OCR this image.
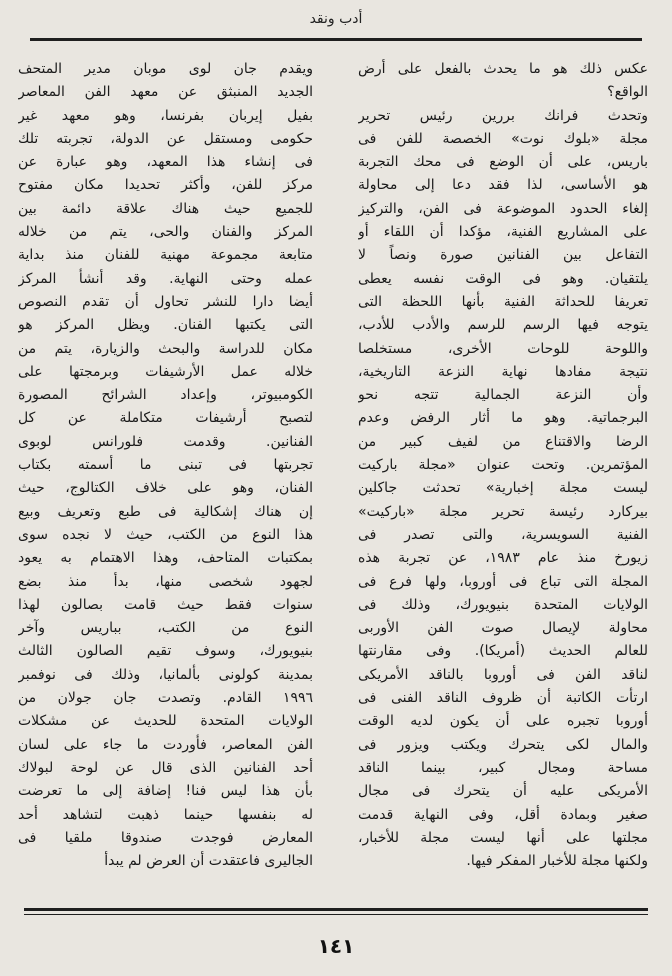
أدب ونقد
عكس ذلك هو ما يحدث بالفعل على أرض
الواقع؟
وتحدث فرانك بررين رئيس تحرير
مجلة «بلوك نوت» الخصصة للفن فى
باريس، على أن الوضع فى محك التجربة
هو الأساسى، لذا فقد دعا إلى محاولة
إلغاء الحدود الموضوعة فى الفن، والتركيز
على المشاريع الفنية، مؤكدا أن اللقاء أو
التفاعل بين الفنانين صورة ونصاً لا
يلتقيان. وهو فى الوقت نفسه يعطى
تعريفا للحداثة الفنية بأنها اللحظة التى
يتوجه فيها الرسم للرسم والأدب للأدب،
واللوحة للوحات الأخرى، مستخلصا
نتيجة مفادها نهاية النزعة التاريخية،
وأن النزعة الجمالية تتجه نحو
البرجماتية. وهو ما أثار الرفض وعدم
الرضا والاقتناع من لفيف كبير من
المؤتمرين. وتحت عنوان «مجلة باركيت
ليست مجلة إخبارية» تحدثت جاكلين
بيركارد رئيسة تحرير مجلة «باركيت»
الفنية السويسرية، والتى تصدر فى
زيورخ منذ عام ١٩٨٣، عن تجربة هذه
المجلة التى تباع فى أوروبا، ولها فرع فى
الولايات المتحدة بنيويورك، وذلك فى
محاولة لإيصال صوت الفن الأوربى
للعالم الحديث (أمريكا). وفى مقارنتها
لناقد الفن فى أوروبا بالناقد الأمريكى
ارتأت الكاتبة أن ظروف الناقد الفنى فى
أوروبا تجبره على أن يكون لديه الوقت
والمال لكى يتحرك ويكتب ويزور فى
مساحة ومجال كبير، بينما الناقد
الأمريكى عليه أن يتحرك فى مجال
صغير وبمادة أقل، وفى النهاية قدمت
مجلتها على أنها ليست مجلة للأخبار،
ولكنها مجلة للأخبار المفكر فيها.
ويقدم جان لوى موبان مدير المتحف
الجديد المنبثق عن معهد الفن المعاصر
بفيل إيربان بفرنسا، وهو معهد غير
حكومى ومستقل عن الدولة، تجربته تلك
فى إنشاء هذا المعهد، وهو عبارة عن
مركز للفن، وأكثر تحديدا مكان مفتوح
للجميع حيث هناك علاقة دائمة بين
المركز والفنان والحى، يتم من خلاله
متابعة مجموعة مهنية للفنان منذ بداية
عمله وحتى النهاية. وقد أنشأ المركز
أيضا دارا للنشر تحاول أن تقدم النصوص
التى يكتبها الفنان. ويظل المركز هو
مكان للدراسة والبحث والزيارة، يتم من
خلاله عمل الأرشيفات وبرمجتها على
الكومبيوتر، وإعداد الشرائح المصورة
لتصبح أرشيفات متكاملة عن كل
الفنانين. وقدمت فلورانس لوبوى
تجربتها فى تبنى ما أسمته بكتاب
الفنان، وهو على خلاف الكتالوج، حيث
إن هناك إشكالية فى طبع وتعريف وبيع
هذا النوع من الكتب، حيث لا نجده سوى
بمكتبات المتاحف، وهذا الاهتمام به يعود
لجهود شخصى منها، بدأ منذ بضع
سنوات فقط حيث قامت بصالون لهذا
النوع من الكتب، بباريس وآخر
بنيويورك، وسوف تقيم الصالون الثالث
بمدينة كولونى بألمانيا، وذلك فى نوفمبر
١٩٩٦ القادم. وتصدت جان جولان من
الولايات المتحدة للحديث عن مشكلات
الفن المعاصر، فأوردت ما جاء على لسان
أحد الفنانين الذى قال عن لوحة لبولاك
بأن هذا ليس فنا! إضافة إلى ما تعرضت
له بنفسها حينما ذهبت لتشاهد أحد
المعارض فوجدت صندوقا ملقيا فى
الجاليرى فاعتقدت أن العرض لم يبدأ
١٤١
